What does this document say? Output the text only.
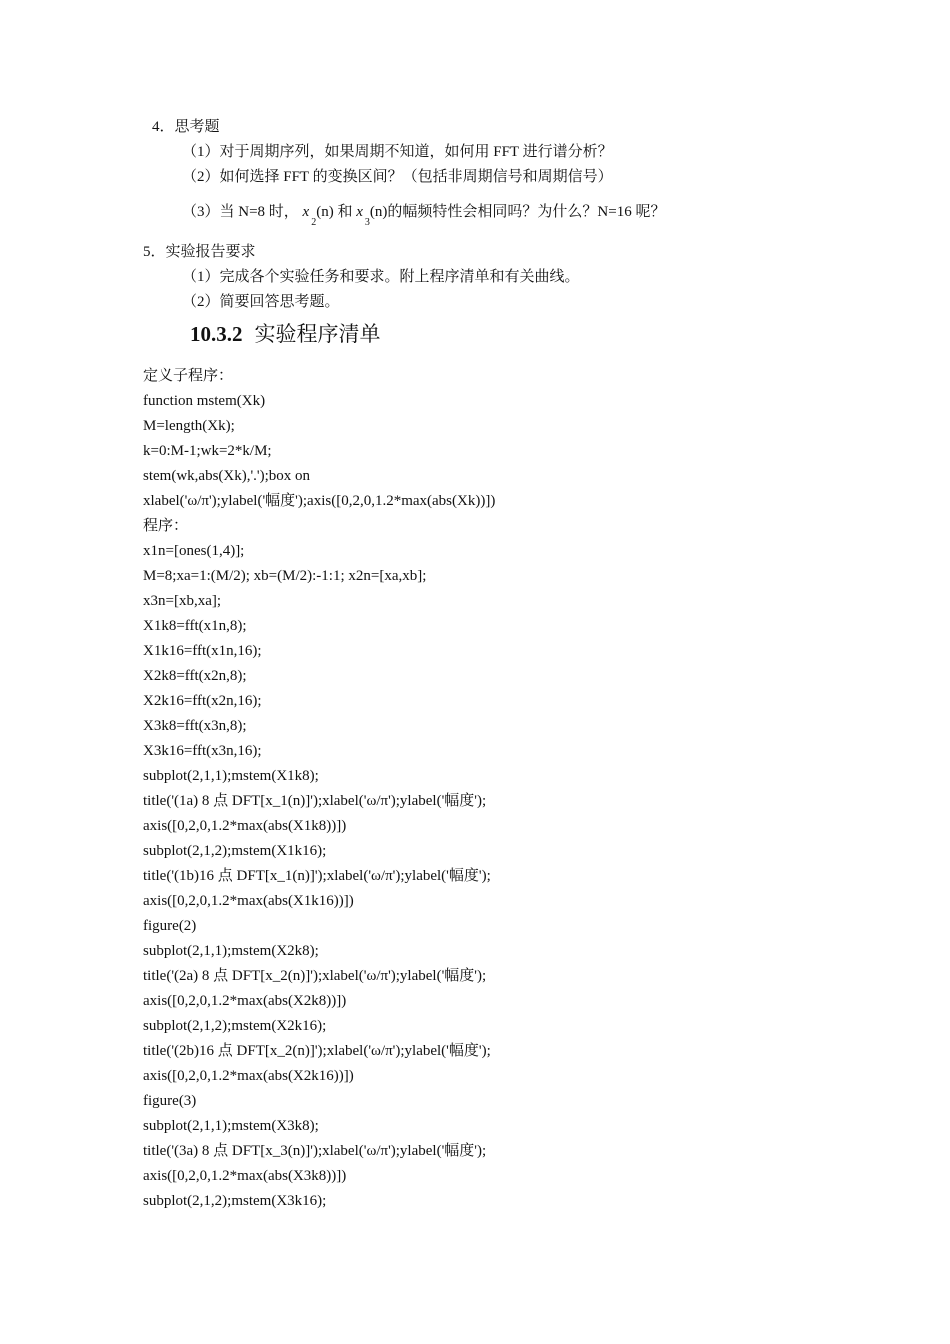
4．思考题
（1）对于周期序列，如果周期不知道，如何用 FFT 进行谱分析？
（2）如何选择 FFT 的变换区间？（包括非周期信号和周期信号）
（3）当 N=8 时， $x_2(n)$ 和 $x_3(n)$的幅频特性会相同吗？为什么？N=16 呢？
5．实验报告要求
（1）完成各个实验任务和要求。附上程序清单和有关曲线。
（2）简要回答思考题。
10.3.2 实验程序清单
定义子程序：
function mstem(Xk)
M=length(Xk);
k=0:M-1;wk=2*k/M;
stem(wk,abs(Xk),'.');box on
xlabel('ω/π');ylabel('幅度');axis([0,2,0,1.2*max(abs(Xk))])
程序：
x1n=[ones(1,4)];
M=8;xa=1:(M/2); xb=(M/2):-1:1; x2n=[xa,xb];
x3n=[xb,xa];
X1k8=fft(x1n,8);
X1k16=fft(x1n,16);
X2k8=fft(x2n,8);
X2k16=fft(x2n,16);
X3k8=fft(x3n,8);
X3k16=fft(x3n,16);
subplot(2,1,1);mstem(X1k8);
title('(1a) 8 点 DFT[x_1(n)]');xlabel('ω/π');ylabel('幅度');
axis([0,2,0,1.2*max(abs(X1k8))])
subplot(2,1,2);mstem(X1k16);
title('(1b)16 点 DFT[x_1(n)]');xlabel('ω/π');ylabel('幅度');
axis([0,2,0,1.2*max(abs(X1k16))])
figure(2)
subplot(2,1,1);mstem(X2k8);
title('(2a) 8 点 DFT[x_2(n)]');xlabel('ω/π');ylabel('幅度');
axis([0,2,0,1.2*max(abs(X2k8))])
subplot(2,1,2);mstem(X2k16);
title('(2b)16 点 DFT[x_2(n)]');xlabel('ω/π');ylabel('幅度');
axis([0,2,0,1.2*max(abs(X2k16))])
figure(3)
subplot(2,1,1);mstem(X3k8);
title('(3a) 8 点 DFT[x_3(n)]');xlabel('ω/π');ylabel('幅度');
axis([0,2,0,1.2*max(abs(X3k8))])
subplot(2,1,2);mstem(X3k16);
